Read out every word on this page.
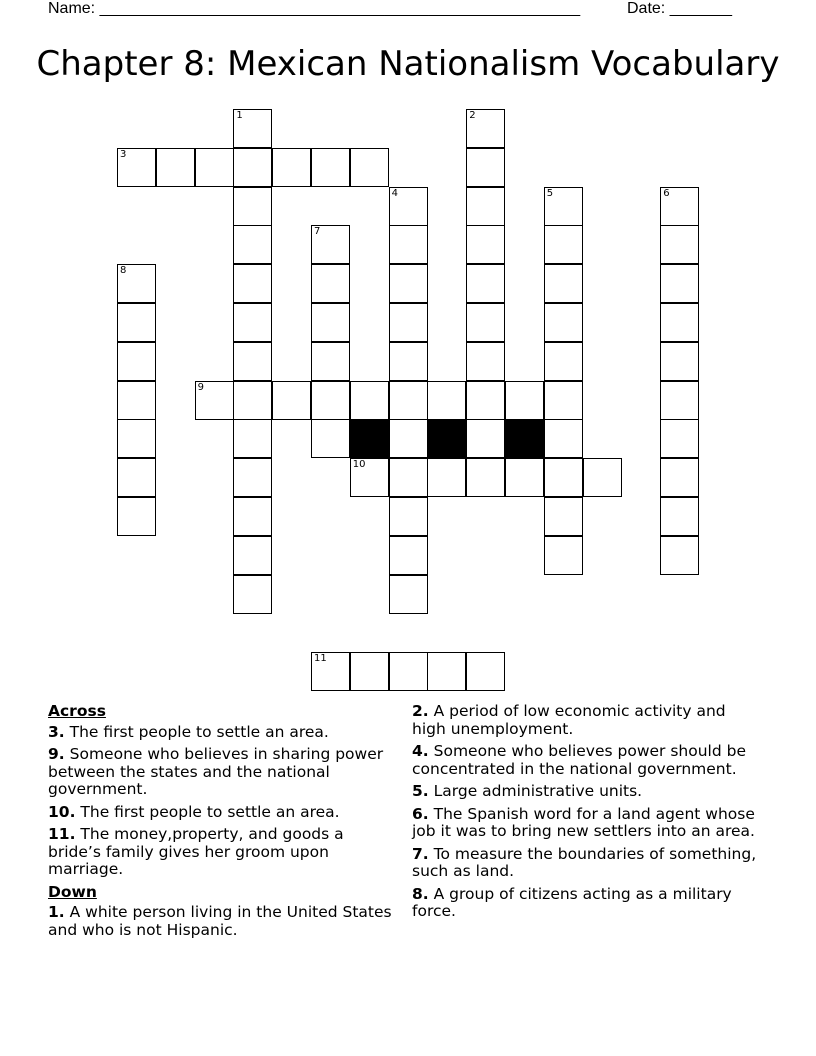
Name: ______________________________________________________	Date: _______
Chapter 8: Mexican Nationalism Vocabulary
1	2
3
4	5	6
7
8
9
10
11
Across
3. The first people to settle an area.
9. Someone who believes in sharing power between the states and the national government.
10. The first people to settle an area.
11. The money,property, and goods a bride’s family gives her groom upon marriage.
Down
1. A white person living in the United States and who is not Hispanic.
2. A period of low economic activity and high unemployment.
4. Someone who believes power should be concentrated in the national government.
5. Large administrative units.
6. The Spanish word for a land agent whose job it was to bring new settlers into an area.
7. To measure the boundaries of something, such as land.
8. A group of citizens acting as a military force.
